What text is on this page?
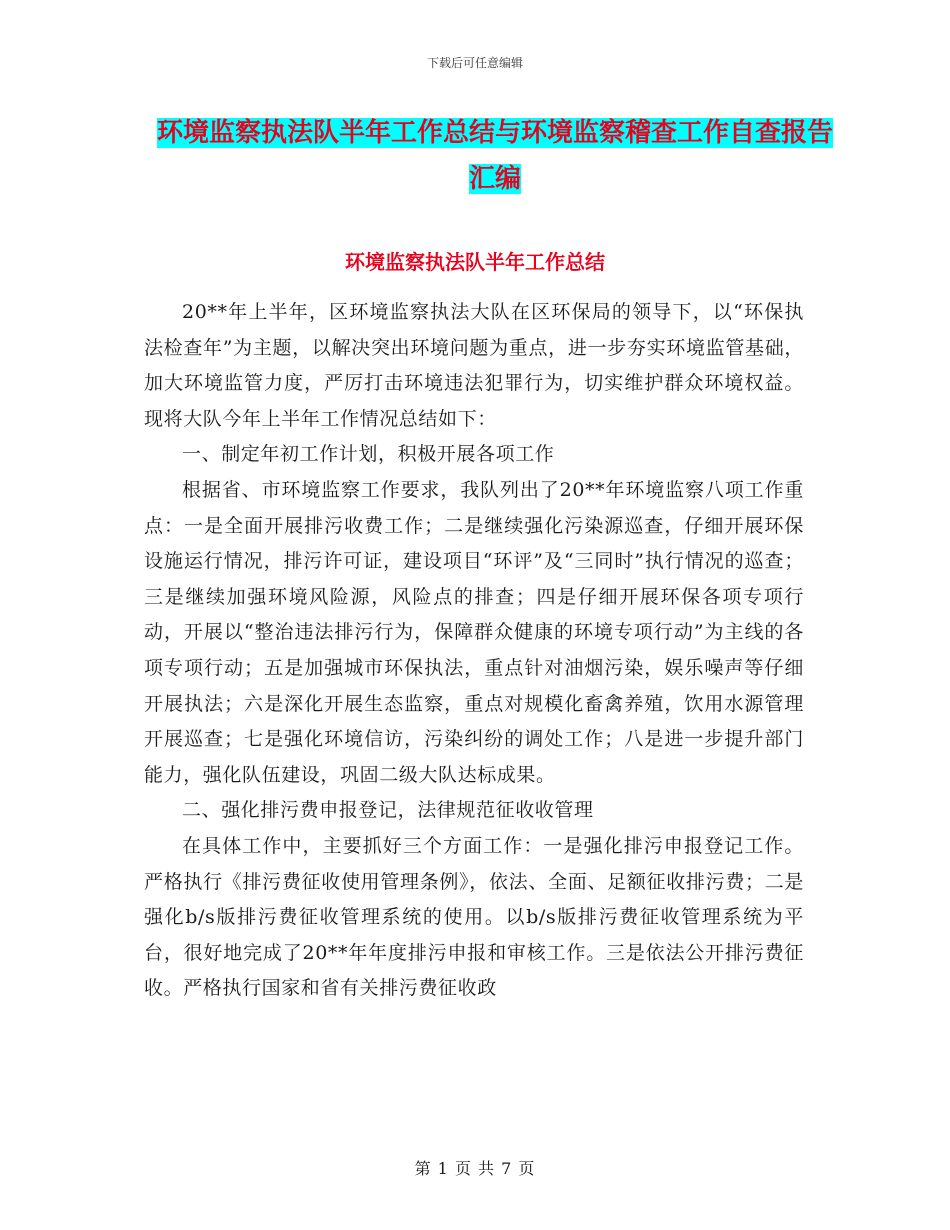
下载后可任意编辑
环境监察执法队半年工作总结与环境监察稽查工作自查报告汇编
环境监察执法队半年工作总结

20**年上半年，区环境监察执法大队在区环保局的领导下，以“环保执法检查年”为主题，以解决突出环境问题为重点，进一步夯实环境监管基础，加大环境监管力度，严厉打击环境违法犯罪行为，切实维护群众环境权益。现将大队今年上半年工作情况总结如下：

一、制定年初工作计划，积极开展各项工作

根据省、市环境监察工作要求，我队列出了20**年环境监察八项工作重点：一是全面开展排污收费工作；二是继续强化污染源巡查，仔细开展环保设施运行情况，排污许可证，建设项目“环评”及“三同时”执行情况的巡查；三是继续加强环境风险源，风险点的排查；四是仔细开展环保各项专项行动，开展以“整治违法排污行为，保障群众健康的环境专项行动”为主线的各项专项行动；五是加强城市环保执法，重点针对油烟污染，娱乐噪声等仔细开展执法；六是深化开展生态监察，重点对规模化畜禽养殖，饮用水源管理开展巡查；七是强化环境信访，污染纠纷的调处工作；八是进一步提升部门能力，强化队伍建设，巩固二级大队达标成果。

二、强化排污费申报登记，法律规范征收收管理

在具体工作中，主要抓好三个方面工作：一是强化排污申报登记工作。严格执行《排污费征收使用管理条例》，依法、全面、足额征收排污费；二是强化b/s版排污费征收管理系统的使用。以b/s版排污费征收管理系统为平台，很好地完成了20**年年度排污申报和审核工作。三是依法公开排污费征收。严格执行国家和省有关排污费征收政

第 1 页 共 7 页
